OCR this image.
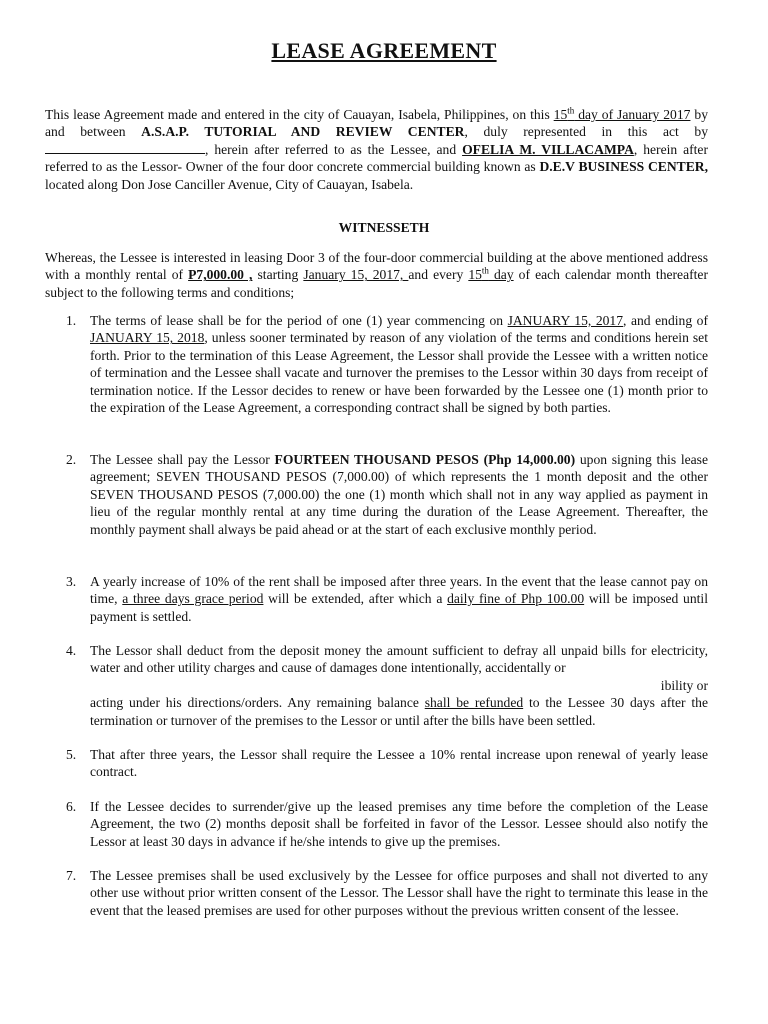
LEASE AGREEMENT
This lease Agreement made and entered in the city of Cauayan, Isabela, Philippines, on this 15th day of January 2017 by and between A.S.A.P. TUTORIAL AND REVIEW CENTER, duly represented in this act by , herein after referred to as the Lessee, and OFELIA M. VILLACAMPA, herein after referred to as the Lessor- Owner of the four door concrete commercial building known as D.E.V BUSINESS CENTER, located along Don Jose Canciller Avenue, City of Cauayan, Isabela.
WITNESSETH
Whereas, the Lessee is interested in leasing Door 3 of the four-door commercial building at the above mentioned address with a monthly rental of P7,000.00 , starting January 15, 2017, and every 15th day of each calendar month thereafter subject to the following terms and conditions;
1.	The terms of lease shall be for the period of one (1) year commencing on JANUARY 15, 2017, and ending of JANUARY 15, 2018, unless sooner terminated by reason of any violation of the terms and conditions herein set forth. Prior to the termination of this Lease Agreement, the Lessor shall provide the Lessee with a written notice of termination and the Lessee shall vacate and turnover the premises to the Lessor within 30 days from receipt of termination notice. If the Lessor decides to renew or have been forwarded by the Lessee one (1) month prior to the expiration of the Lease Agreement, a corresponding contract shall be signed by both parties.
2.	The Lessee shall pay the Lessor FOURTEEN THOUSAND PESOS (Php 14,000.00) upon signing this lease agreement; SEVEN THOUSAND PESOS (7,000.00) of which represents the 1 month deposit and the other SEVEN THOUSAND PESOS (7,000.00) the one (1) month which shall not in any way applied as payment in lieu of the regular monthly rental at any time during the duration of the Lease Agreement. Thereafter, the monthly payment shall always be paid ahead or at the start of each exclusive monthly period.
3.	A yearly increase of 10% of the rent shall be imposed after three years. In the event that the lease cannot pay on time, a three days grace period will be extended, after which a daily fine of Php 100.00 will be imposed until payment is settled.
4.	The Lessor shall deduct from the deposit money the amount sufficient to defray all unpaid bills for electricity, water and other utility charges and cause of damages done intentionally, accidentally or
ibility or
acting under his directions/orders. Any remaining balance shall be refunded to the Lessee 30 days after the termination or turnover of the premises to the Lessor or until after the bills have been settled.
5.	That after three years, the Lessor shall require the Lessee a 10% rental increase upon renewal of yearly lease contract.
6.	If the Lessee decides to surrender/give up the leased premises any time before the completion of the Lease Agreement, the two (2) months deposit shall be forfeited in favor of the Lessor. Lessee should also notify the Lessor at least 30 days in advance if he/she intends to give up the premises.
7.	The Lessee premises shall be used exclusively by the Lessee for office purposes and shall not diverted to any other use without prior written consent of the Lessor. The Lessor shall have the right to terminate this lease in the event that the leased premises are used for other purposes without the previous written consent of the lessee.
